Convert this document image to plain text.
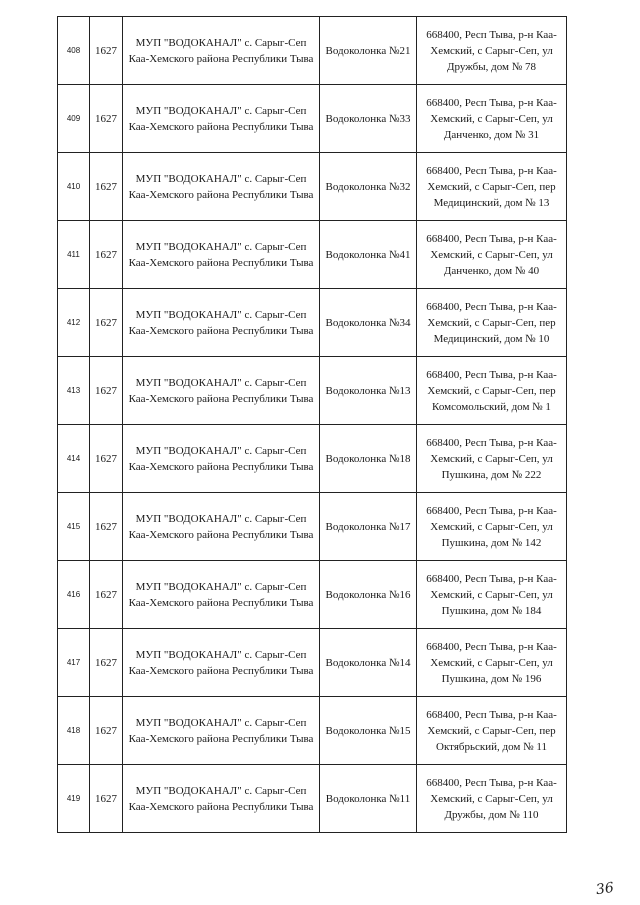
408	1627	МУП "ВОДОКАНАЛ" с. Сарыг-Сеп Каа-Хемского района Республики Тыва	Водоколонка №21	668400, Респ Тыва, р-н Каа-Хемский, с Сарыг-Сеп, ул Дружбы, дом № 78
409	1627	МУП "ВОДОКАНАЛ" с. Сарыг-Сеп Каа-Хемского района Республики Тыва	Водоколонка №33	668400, Респ Тыва, р-н Каа-Хемский, с Сарыг-Сеп, ул Данченко, дом № 31
410	1627	МУП "ВОДОКАНАЛ" с. Сарыг-Сеп Каа-Хемского района Республики Тыва	Водоколонка №32	668400, Респ Тыва, р-н Каа-Хемский, с Сарыг-Сеп, пер Медицинский, дом № 13
411	1627	МУП "ВОДОКАНАЛ" с. Сарыг-Сеп Каа-Хемского района Республики Тыва	Водоколонка №41	668400, Респ Тыва, р-н Каа-Хемский, с Сарыг-Сеп, ул Данченко, дом № 40
412	1627	МУП "ВОДОКАНАЛ" с. Сарыг-Сеп Каа-Хемского района Республики Тыва	Водоколонка №34	668400, Респ Тыва, р-н Каа-Хемский, с Сарыг-Сеп, пер Медицинский, дом № 10
413	1627	МУП "ВОДОКАНАЛ" с. Сарыг-Сеп Каа-Хемского района Республики Тыва	Водоколонка №13	668400, Респ Тыва, р-н Каа-Хемский, с Сарыг-Сеп, пер Комсомольский, дом № 1
414	1627	МУП "ВОДОКАНАЛ" с. Сарыг-Сеп Каа-Хемского района Республики Тыва	Водоколонка №18	668400, Респ Тыва, р-н Каа-Хемский, с Сарыг-Сеп, ул Пушкина, дом № 222
415	1627	МУП "ВОДОКАНАЛ" с. Сарыг-Сеп Каа-Хемского района Республики Тыва	Водоколонка №17	668400, Респ Тыва, р-н Каа-Хемский, с Сарыг-Сеп, ул Пушкина, дом № 142
416	1627	МУП "ВОДОКАНАЛ" с. Сарыг-Сеп Каа-Хемского района Республики Тыва	Водоколонка №16	668400, Респ Тыва, р-н Каа-Хемский, с Сарыг-Сеп, ул Пушкина, дом № 184
417	1627	МУП "ВОДОКАНАЛ" с. Сарыг-Сеп Каа-Хемского района Республики Тыва	Водоколонка №14	668400, Респ Тыва, р-н Каа-Хемский, с Сарыг-Сеп, ул Пушкина, дом № 196
418	1627	МУП "ВОДОКАНАЛ" с. Сарыг-Сеп Каа-Хемского района Республики Тыва	Водоколонка №15	668400, Респ Тыва, р-н Каа-Хемский, с Сарыг-Сеп, пер Октябрьский, дом № 11
419	1627	МУП "ВОДОКАНАЛ" с. Сарыг-Сеп Каа-Хемского района Республики Тыва	Водоколонка №11	668400, Респ Тыва, р-н Каа-Хемский, с Сарыг-Сеп, ул Дружбы, дом № 110
36
